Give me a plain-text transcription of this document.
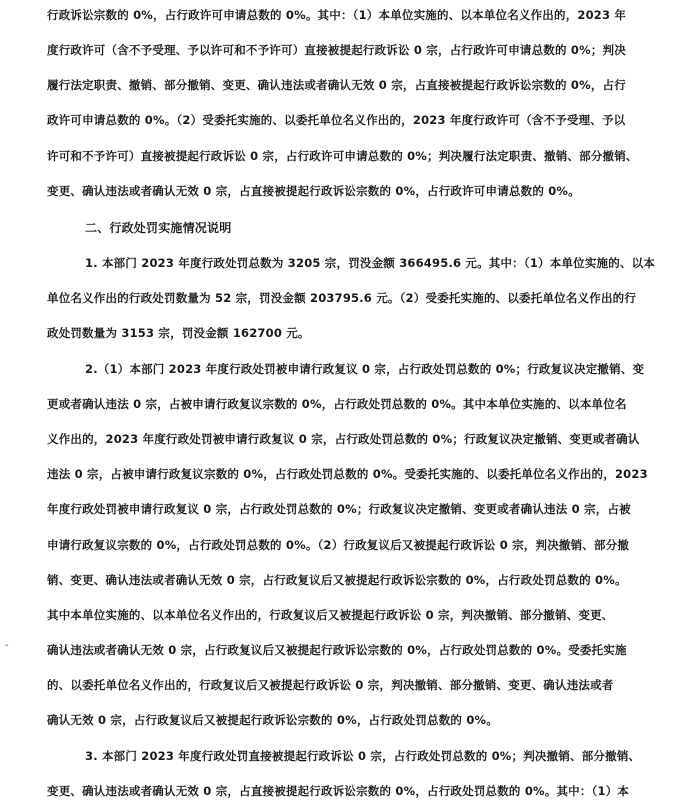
行政诉讼宗数的 0%，占行政许可申请总数的 0%。其中：（1）本单位实施的、以本单位名义作出的，2023 年
度行政许可（含不予受理、予以许可和不予许可）直接被提起行政诉讼 0 宗，占行政许可申请总数的 0%；判决
履行法定职责、撤销、部分撤销、变更、确认违法或者确认无效 0 宗，占直接被提起行政诉讼宗数的 0%，占行
政许可申请总数的 0%。（2）受委托实施的、以委托单位名义作出的，2023 年度行政许可（含不予受理、予以
许可和不予许可）直接被提起行政诉讼 0 宗，占行政许可申请总数的 0%；判决履行法定职责、撤销、部分撤销、
变更、确认违法或者确认无效 0 宗，占直接被提起行政诉讼宗数的 0%，占行政许可申请总数的 0%。
二、行政处罚实施情况说明
1. 本部门 2023 年度行政处罚总数为 3205 宗，罚没金额 366495.6 元。其中：（1）本单位实施的、以本
单位名义作出的行政处罚数量为 52 宗，罚没金额 203795.6 元。（2）受委托实施的、以委托单位名义作出的行
政处罚数量为 3153 宗，罚没金额 162700 元。
2.（1）本部门 2023 年度行政处罚被申请行政复议 0 宗，占行政处罚总数的 0%；行政复议决定撤销、变
更或者确认违法 0 宗，占被申请行政复议宗数的 0%，占行政处罚总数的 0%。其中本单位实施的、以本单位名
义作出的，2023 年度行政处罚被申请行政复议 0 宗，占行政处罚总数的 0%；行政复议决定撤销、变更或者确认
违法 0 宗，占被申请行政复议宗数的 0%，占行政处罚总数的 0%。受委托实施的、以委托单位名义作出的，2023
年度行政处罚被申请行政复议 0 宗，占行政处罚总数的 0%；行政复议决定撤销、变更或者确认违法 0 宗，占被
申请行政复议宗数的 0%，占行政处罚总数的 0%。（2）行政复议后又被提起行政诉讼 0 宗，判决撤销、部分撤
销、变更、确认违法或者确认无效 0 宗，占行政复议后又被提起行政诉讼宗数的 0%，占行政处罚总数的 0%。
其中本单位实施的、以本单位名义作出的，行政复议后又被提起行政诉讼 0 宗，判决撤销、部分撤销、变更、
确认违法或者确认无效 0 宗，占行政复议后又被提起行政诉讼宗数的 0%，占行政处罚总数的 0%。受委托实施
的、以委托单位名义作出的，行政复议后又被提起行政诉讼 0 宗，判决撤销、部分撤销、变更、确认违法或者
确认无效 0 宗，占行政复议后又被提起行政诉讼宗数的 0%，占行政处罚总数的 0%。
3. 本部门 2023 年度行政处罚直接被提起行政诉讼 0 宗，占行政处罚总数的 0%；判决撤销、部分撤销、
变更、确认违法或者确认无效 0 宗，占直接被提起行政诉讼宗数的 0%，占行政处罚总数的 0%。其中：（1）本
-
